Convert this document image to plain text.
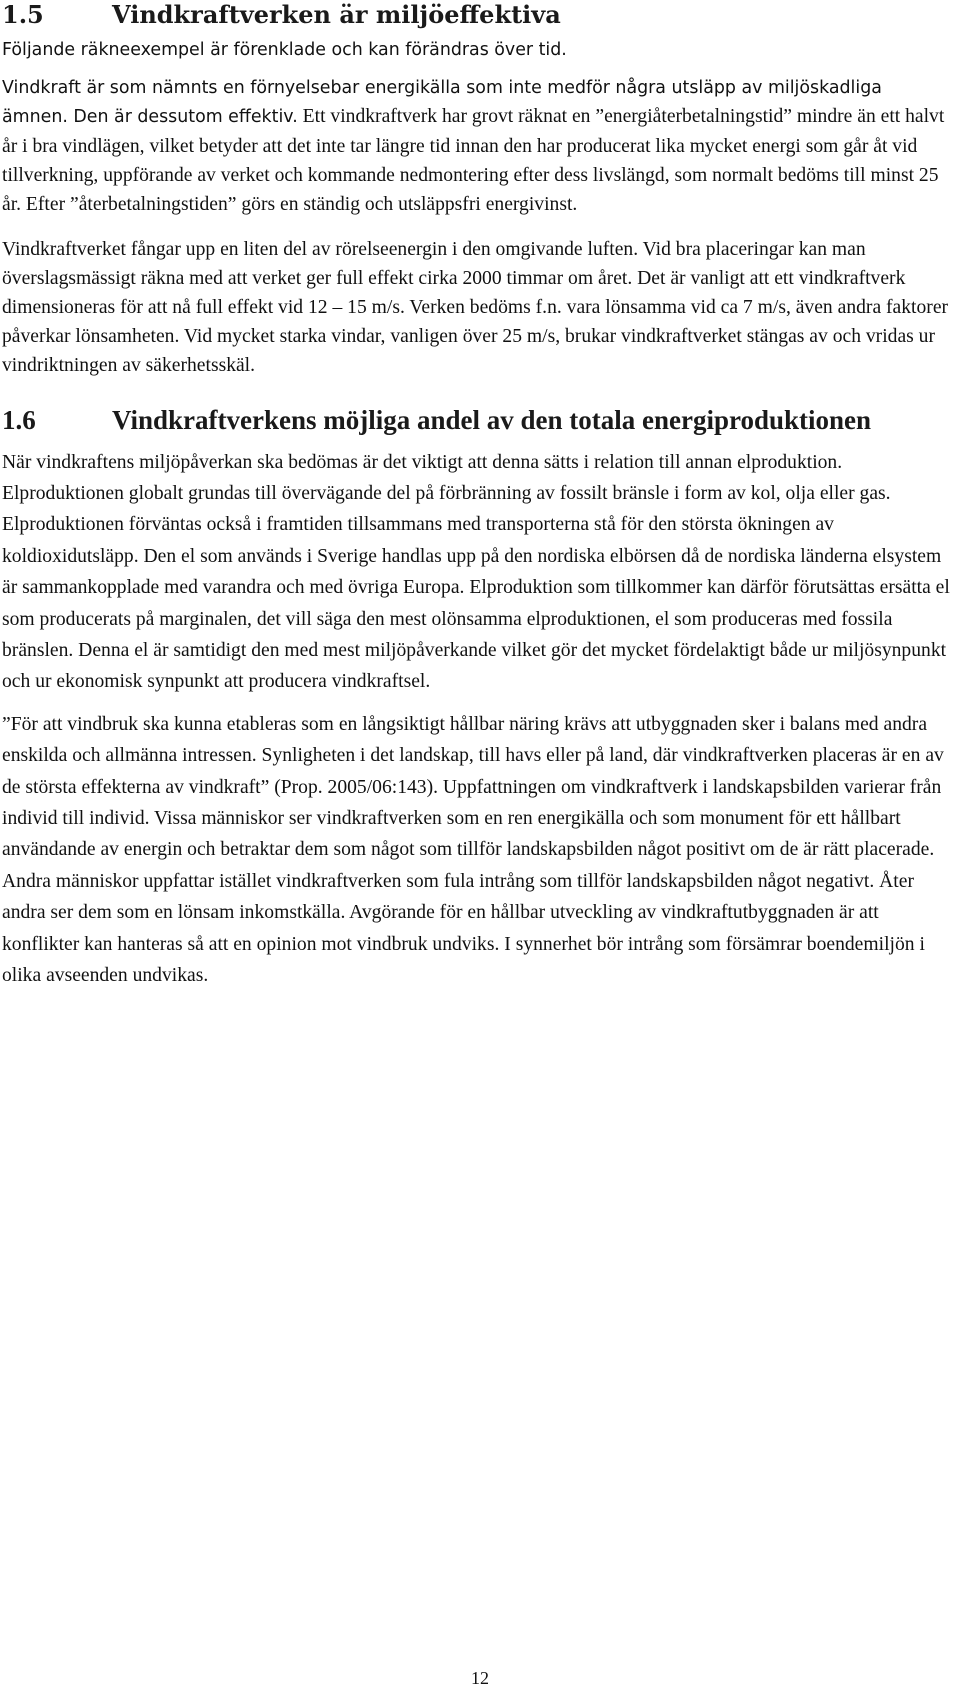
1.5	Vindkraftverken är miljöeffektiva

Följande räkneexempel är förenklade och kan förändras över tid.

Vindkraft är som nämnts en förnyelsebar energikälla som inte medför några utsläpp av miljöskadliga ämnen. Den är dessutom effektiv. Ett vindkraftverk har grovt räknat en ”energiåterbetalningstid” mindre än ett halvt år i bra vindlägen, vilket betyder att det inte tar längre tid innan den har producerat lika mycket energi som går åt vid tillverkning, uppförande av verket och kommande nedmontering efter dess livslängd, som normalt bedöms till minst 25 år. Efter ”återbetalningstiden” görs en ständig och utsläppsfri energivinst.

Vindkraftverket fångar upp en liten del av rörelseenergin i den omgivande luften. Vid bra placeringar kan man överslagsmässigt räkna med att verket ger full effekt cirka 2000 timmar om året. Det är vanligt att ett vindkraftverk dimensioneras för att nå full effekt vid 12 – 15 m/s. Verken bedöms f.n. vara lönsamma vid ca 7 m/s, även andra faktorer påverkar lönsamheten. Vid mycket starka vindar, vanligen över 25 m/s, brukar vindkraftverket stängas av och vridas ur vindriktningen av säkerhetsskäl.

1.6	Vindkraftverkens möjliga andel av den totala energiproduktionen

När vindkraftens miljöpåverkan ska bedömas är det viktigt att denna sätts i relation till annan elproduktion. Elproduktionen globalt grundas till övervägande del på förbränning av fossilt bränsle i form av kol, olja eller gas. Elproduktionen förväntas också i framtiden tillsammans med transporterna stå för den största ökningen av koldioxidutsläpp. Den el som används i Sverige handlas upp på den nordiska elbörsen då de nordiska länderna elsystem är sammankopplade med varandra och med övriga Europa. Elproduktion som tillkommer kan därför förutsättas ersätta el som producerats på marginalen, det vill säga den mest olönsamma elproduktionen, el som produceras med fossila bränslen. Denna el är samtidigt den med mest miljöpåverkande vilket gör det mycket fördelaktigt både ur miljösynpunkt och ur ekonomisk synpunkt att producera vindkraftsel.

”För att vindbruk ska kunna etableras som en långsiktigt hållbar näring krävs att utbyggnaden sker i balans med andra enskilda och allmänna intressen. Synligheten i det landskap, till havs eller på land, där vindkraftverken placeras är en av de största effekterna av vindkraft” (Prop. 2005/06:143). Uppfattningen om vindkraftverk i landskapsbilden varierar från individ till individ. Vissa människor ser vindkraftverken som en ren energikälla och som monument för ett hållbart användande av energin och betraktar dem som något som tillför landskapsbilden något positivt om de är rätt placerade. Andra människor uppfattar istället vindkraftverken som fula intrång som tillför landskapsbilden något negativt. Åter andra ser dem som en lönsam inkomstkälla. Avgörande för en hållbar utveckling av vindkraftutbyggnaden är att konflikter kan hanteras så att en opinion mot vindbruk undviks. I synnerhet bör intrång som försämrar boendemiljön i olika avseenden undvikas.

12
